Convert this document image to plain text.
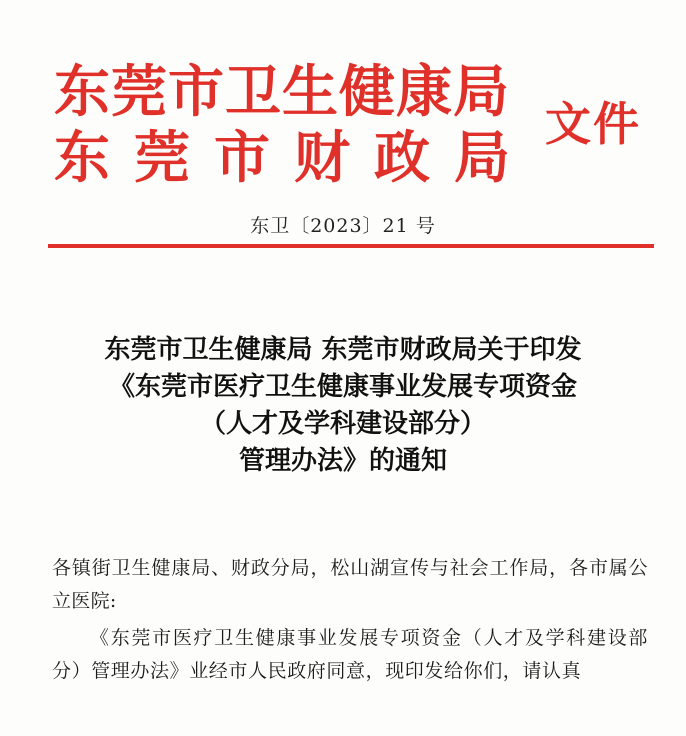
东莞市卫生健康局
东莞市财政局
文件
东卫〔2023〕21 号
东莞市卫生健康局 东莞市财政局关于印发
《东莞市医疗卫生健康事业发展专项资金
（人才及学科建设部分）
管理办法》的通知

各镇街卫生健康局、财政分局，松山湖宣传与社会工作局，各市属公立医院:

《东莞市医疗卫生健康事业发展专项资金（人才及学科建设部分）管理办法》业经市人民政府同意，现印发给你们，请认真
